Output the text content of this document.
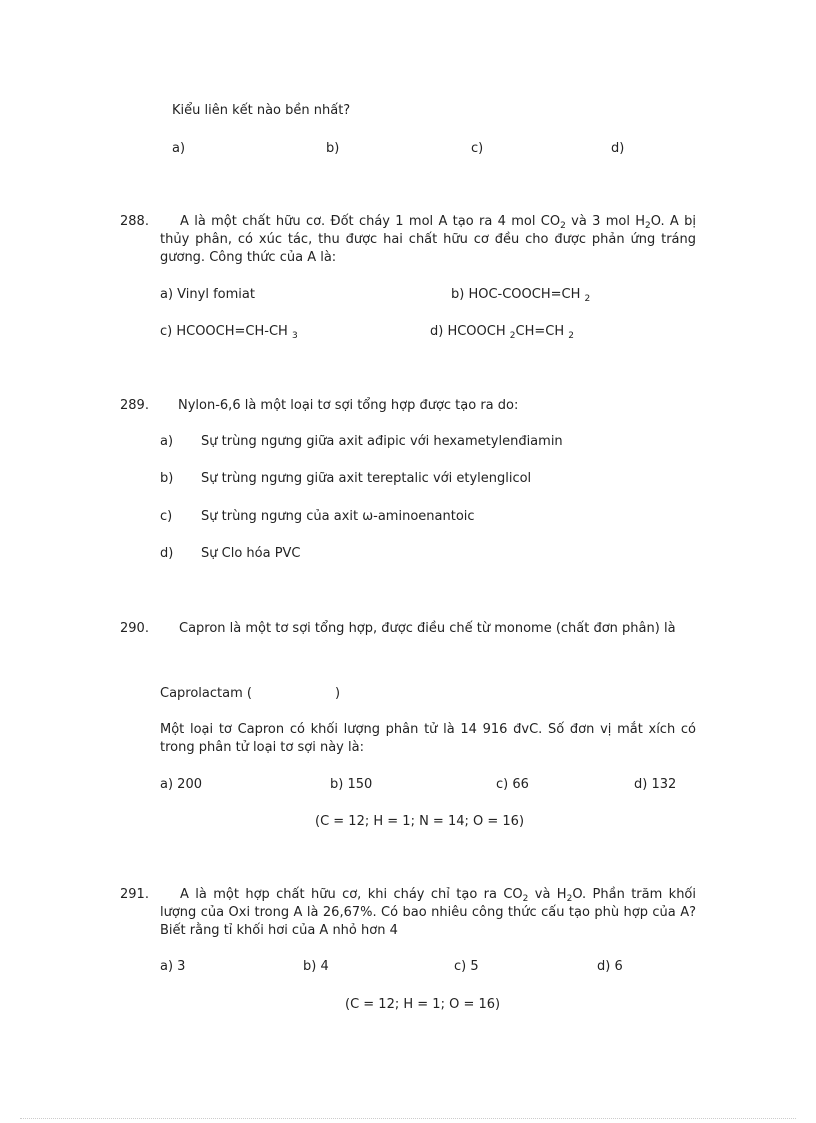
Kiểu liên kết nào bền nhất?
a)	b)	c)	d)
288.	A là một chất hữu cơ. Đốt cháy 1 mol A tạo ra 4 mol $CO_2$ và 3 mol $H_2O$. A bị thủy phân, có xúc tác, thu được hai chất hữu cơ đều cho được phản ứng tráng gương. Công thức của A là:
a) Vinyl fomiat	b) HOC-COOCH=CH $_2$
c) HCOOCH=CH-CH $_3$	d) HCOOCH $_2$CH=CH $_2$
289. Nylon-6,6 là một loại tơ sợi tổng hợp được tạo ra do:
a) Sự trùng ngưng giữa axit ađipic với hexametylenđiamin
b) Sự trùng ngưng giữa axit tereptalic với etylenglicol
c) Sự trùng ngưng của axit ω-aminoenantoic
d) Sự Clo hóa PVC
290. Capron là một tơ sợi tổng hợp, được điều chế từ monome (chất đơn phân) là
Caprolactam (	)
Một loại tơ Capron có khối lượng phân tử là 14 916 đvC. Số đơn vị mắt xích có trong phân tử loại tơ sợi này là:
a) 200	b) 150	c) 66	d) 132
(C = 12; H = 1; N = 14; O = 16)
291.	A là một hợp chất hữu cơ, khi cháy chỉ tạo ra $CO_2$ và $H_2O$. Phần trăm khối lượng của Oxi trong A là 26,67%. Có bao nhiêu công thức cấu tạo phù hợp của A? Biết rằng tỉ khối hơi của A nhỏ hơn 4
a) 3	b) 4	c) 5	d) 6
(C = 12; H = 1; O = 16)
